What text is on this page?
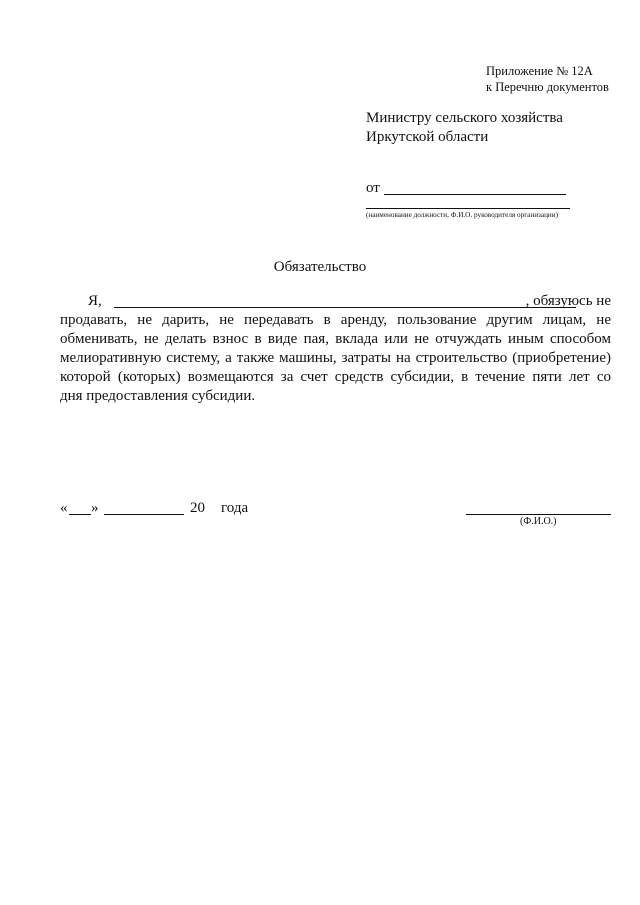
Приложение № 12А
к Перечню документов
Министру сельского хозяйства
Иркутской области
от
(наименование должности, Ф.И.О. руководителя организации)
Обязательство
Я,	, обязуюсь не
продавать, не дарить, не передавать в аренду, пользование другим лицам, не
обменивать, не делать взнос в виде пая, вклада или не отчуждать иным способом
мелиоративную систему, а также машины, затраты на строительство (приобретение)
которой (которых) возмещаются за счет средств субсидии, в течение пяти лет со
дня предоставления субсидии.
« »	20 года
(Ф.И.О.)
